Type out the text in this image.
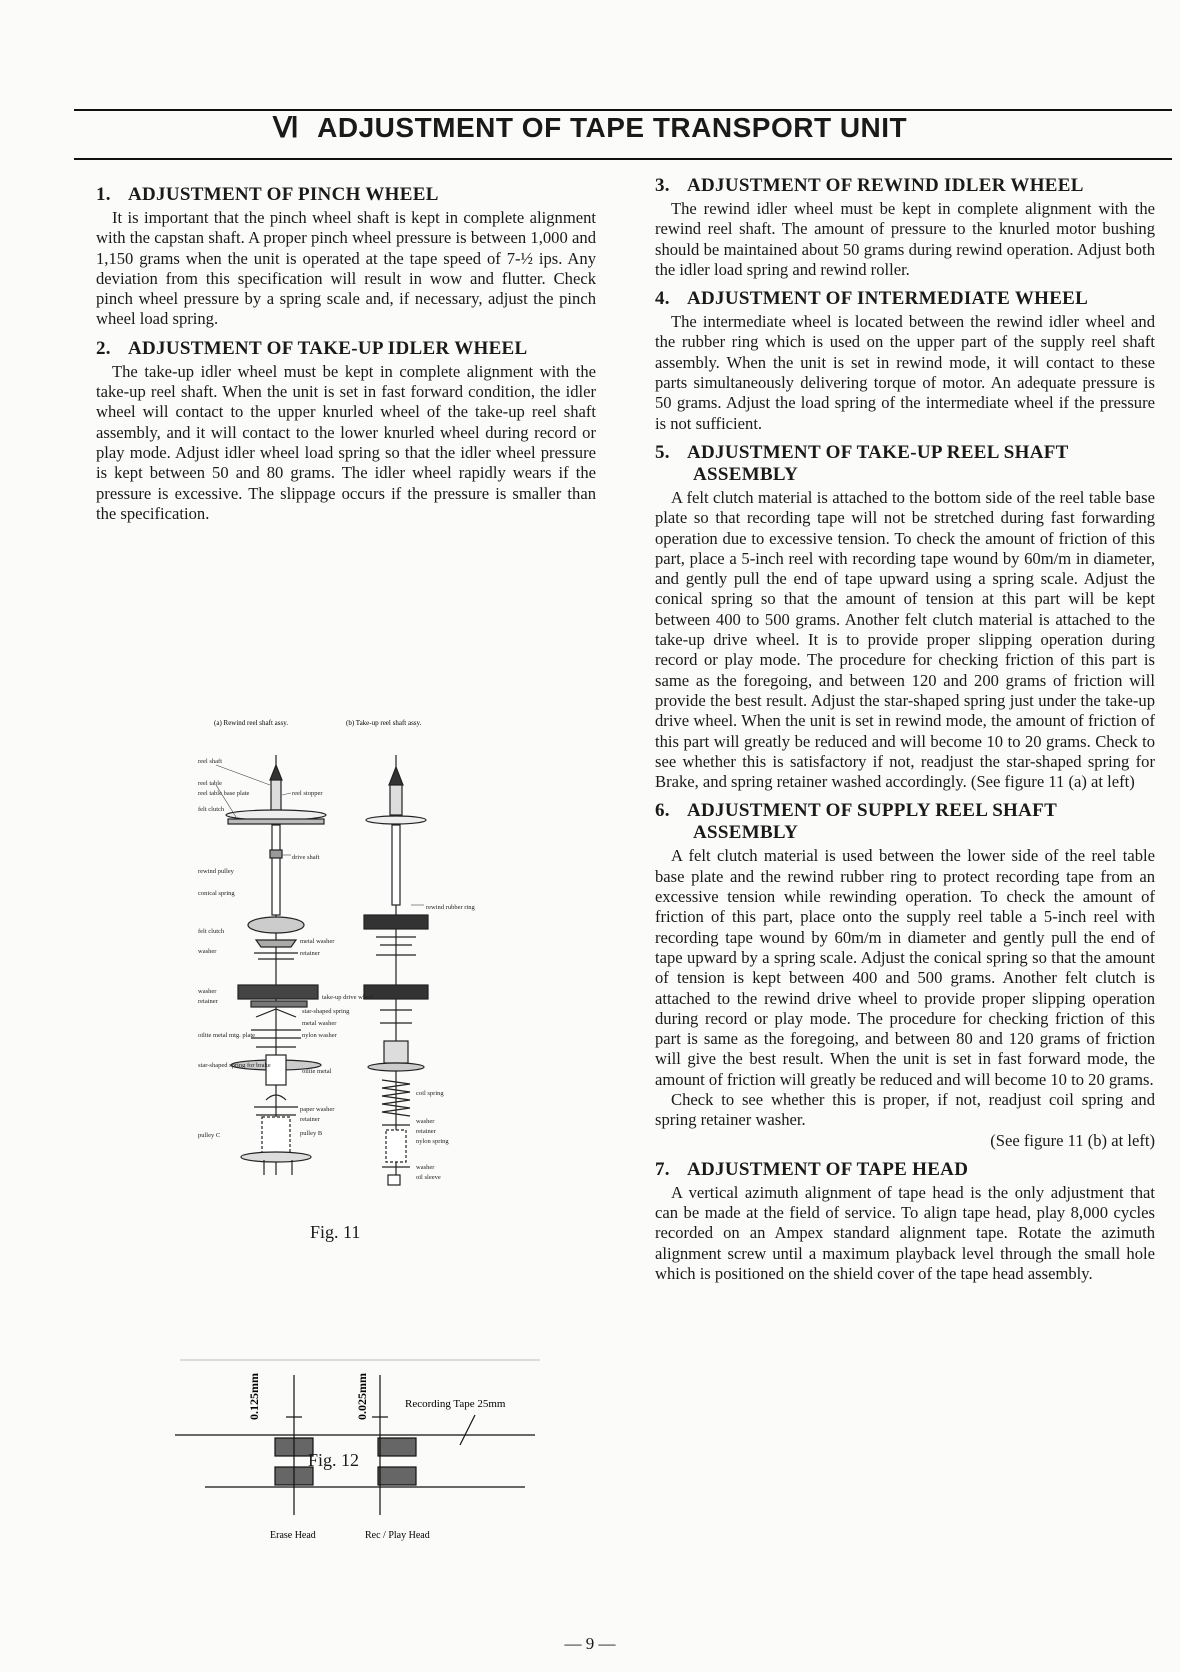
Ⅵ ADJUSTMENT OF TAPE TRANSPORT UNIT
1. ADJUSTMENT OF PINCH WHEEL

It is important that the pinch wheel shaft is kept in complete alignment with the capstan shaft. A proper pinch wheel pressure is between 1,000 and 1,150 grams when the unit is operated at the tape speed of 7-½ ips. Any deviation from this specification will result in wow and flutter. Check pinch wheel pressure by a spring scale and, if necessary, adjust the pinch wheel load spring.

2. ADJUSTMENT OF TAKE-UP IDLER WHEEL

The take-up idler wheel must be kept in complete alignment with the take-up reel shaft. When the unit is set in fast forward condition, the idler wheel will contact to the upper knurled wheel of the take-up reel shaft assembly, and it will contact to the lower knurled wheel during record or play mode. Adjust idler wheel load spring so that the idler wheel pressure is kept between 50 and 80 grams. The idler wheel rapidly wears if the pressure is excessive. The slippage occurs if the pressure is smaller than the specification.

(a) Rewind reel shaft assy.	(b) Take-up reel shaft assy.
reel shaft
reel table
reel table base plate
felt clutch
rewind pulley
conical spring
felt clutch
washer
washer
retainer
oilite metal mtg. plate
star-shaped spring for brake
pulley C
reel stopper
drive shaft
metal washer
retainer
take-up drive wheel
star-shaped spring
metal washer
nylon washer
oilite metal
paper washer
retainer
pulley B
rewind rubber ring
coil spring
washer
retainer
nylon spring
washer
oil sleeve
Fig. 11
0.125mm	0.025mm	Recording Tape 25mm
Erase Head	Rec / Play Head
Fig. 12
3. ADJUSTMENT OF REWIND IDLER WHEEL

The rewind idler wheel must be kept in complete alignment with the rewind reel shaft. The amount of pressure to the knurled motor bushing should be maintained about 50 grams during rewind operation. Adjust both the idler load spring and rewind roller.

4. ADJUSTMENT OF INTERMEDIATE WHEEL

The intermediate wheel is located between the rewind idler wheel and the rubber ring which is used on the upper part of the supply reel shaft assembly. When the unit is set in rewind mode, it will contact to these parts simultaneously delivering torque of motor. An adequate pressure is 50 grams. Adjust the load spring of the intermediate wheel if the pressure is not sufficient.

5. ADJUSTMENT OF TAKE-UP REEL SHAFT
ASSEMBLY

A felt clutch material is attached to the bottom side of the reel table base plate so that recording tape will not be stretched during fast forwarding operation due to excessive tension. To check the amount of friction of this part, place a 5-inch reel with recording tape wound by 60m/m in diameter, and gently pull the end of tape upward using a spring scale. Adjust the conical spring so that the amount of tension at this part will be kept between 400 to 500 grams. Another felt clutch material is attached to the take-up drive wheel. It is to provide proper slipping operation during record or play mode. The procedure for checking friction of this part is same as the foregoing, and between 120 and 200 grams of friction will provide the best result. Adjust the star-shaped spring just under the take-up drive wheel. When the unit is set in rewind mode, the amount of friction of this part will greatly be reduced and will become 10 to 20 grams. Check to see whether this is satisfactory if not, readjust the star-shaped spring for Brake, and spring retainer washed accordingly. (See figure 11 (a) at left)

6. ADJUSTMENT OF SUPPLY REEL SHAFT
ASSEMBLY

A felt clutch material is used between the lower side of the reel table base plate and the rewind rubber ring to protect recording tape from an excessive tension while rewinding operation. To check the amount of friction of this part, place onto the supply reel table a 5-inch reel with recording tape wound by 60m/m in diameter and gently pull the end of tape upward by a spring scale. Adjust the conical spring so that the amount of tension is kept between 400 and 500 grams. Another felt clutch is attached to the rewind drive wheel to provide proper slipping operation during record or play mode. The procedure for checking friction of this part is same as the foregoing, and between 80 and 120 grams of friction will give the best result. When the unit is set in fast forward mode, the amount of friction will greatly be reduced and will become 10 to 20 grams.

Check to see whether this is proper, if not, readjust coil spring and spring retainer washer.

(See figure 11 (b) at left)

7. ADJUSTMENT OF TAPE HEAD

A vertical azimuth alignment of tape head is the only adjustment that can be made at the field of service. To align tape head, play 8,000 cycles recorded on an Ampex standard alignment tape. Rotate the azimuth alignment screw until a maximum playback level through the small hole which is positioned on the shield cover of the tape head assembly.

— 9 —
